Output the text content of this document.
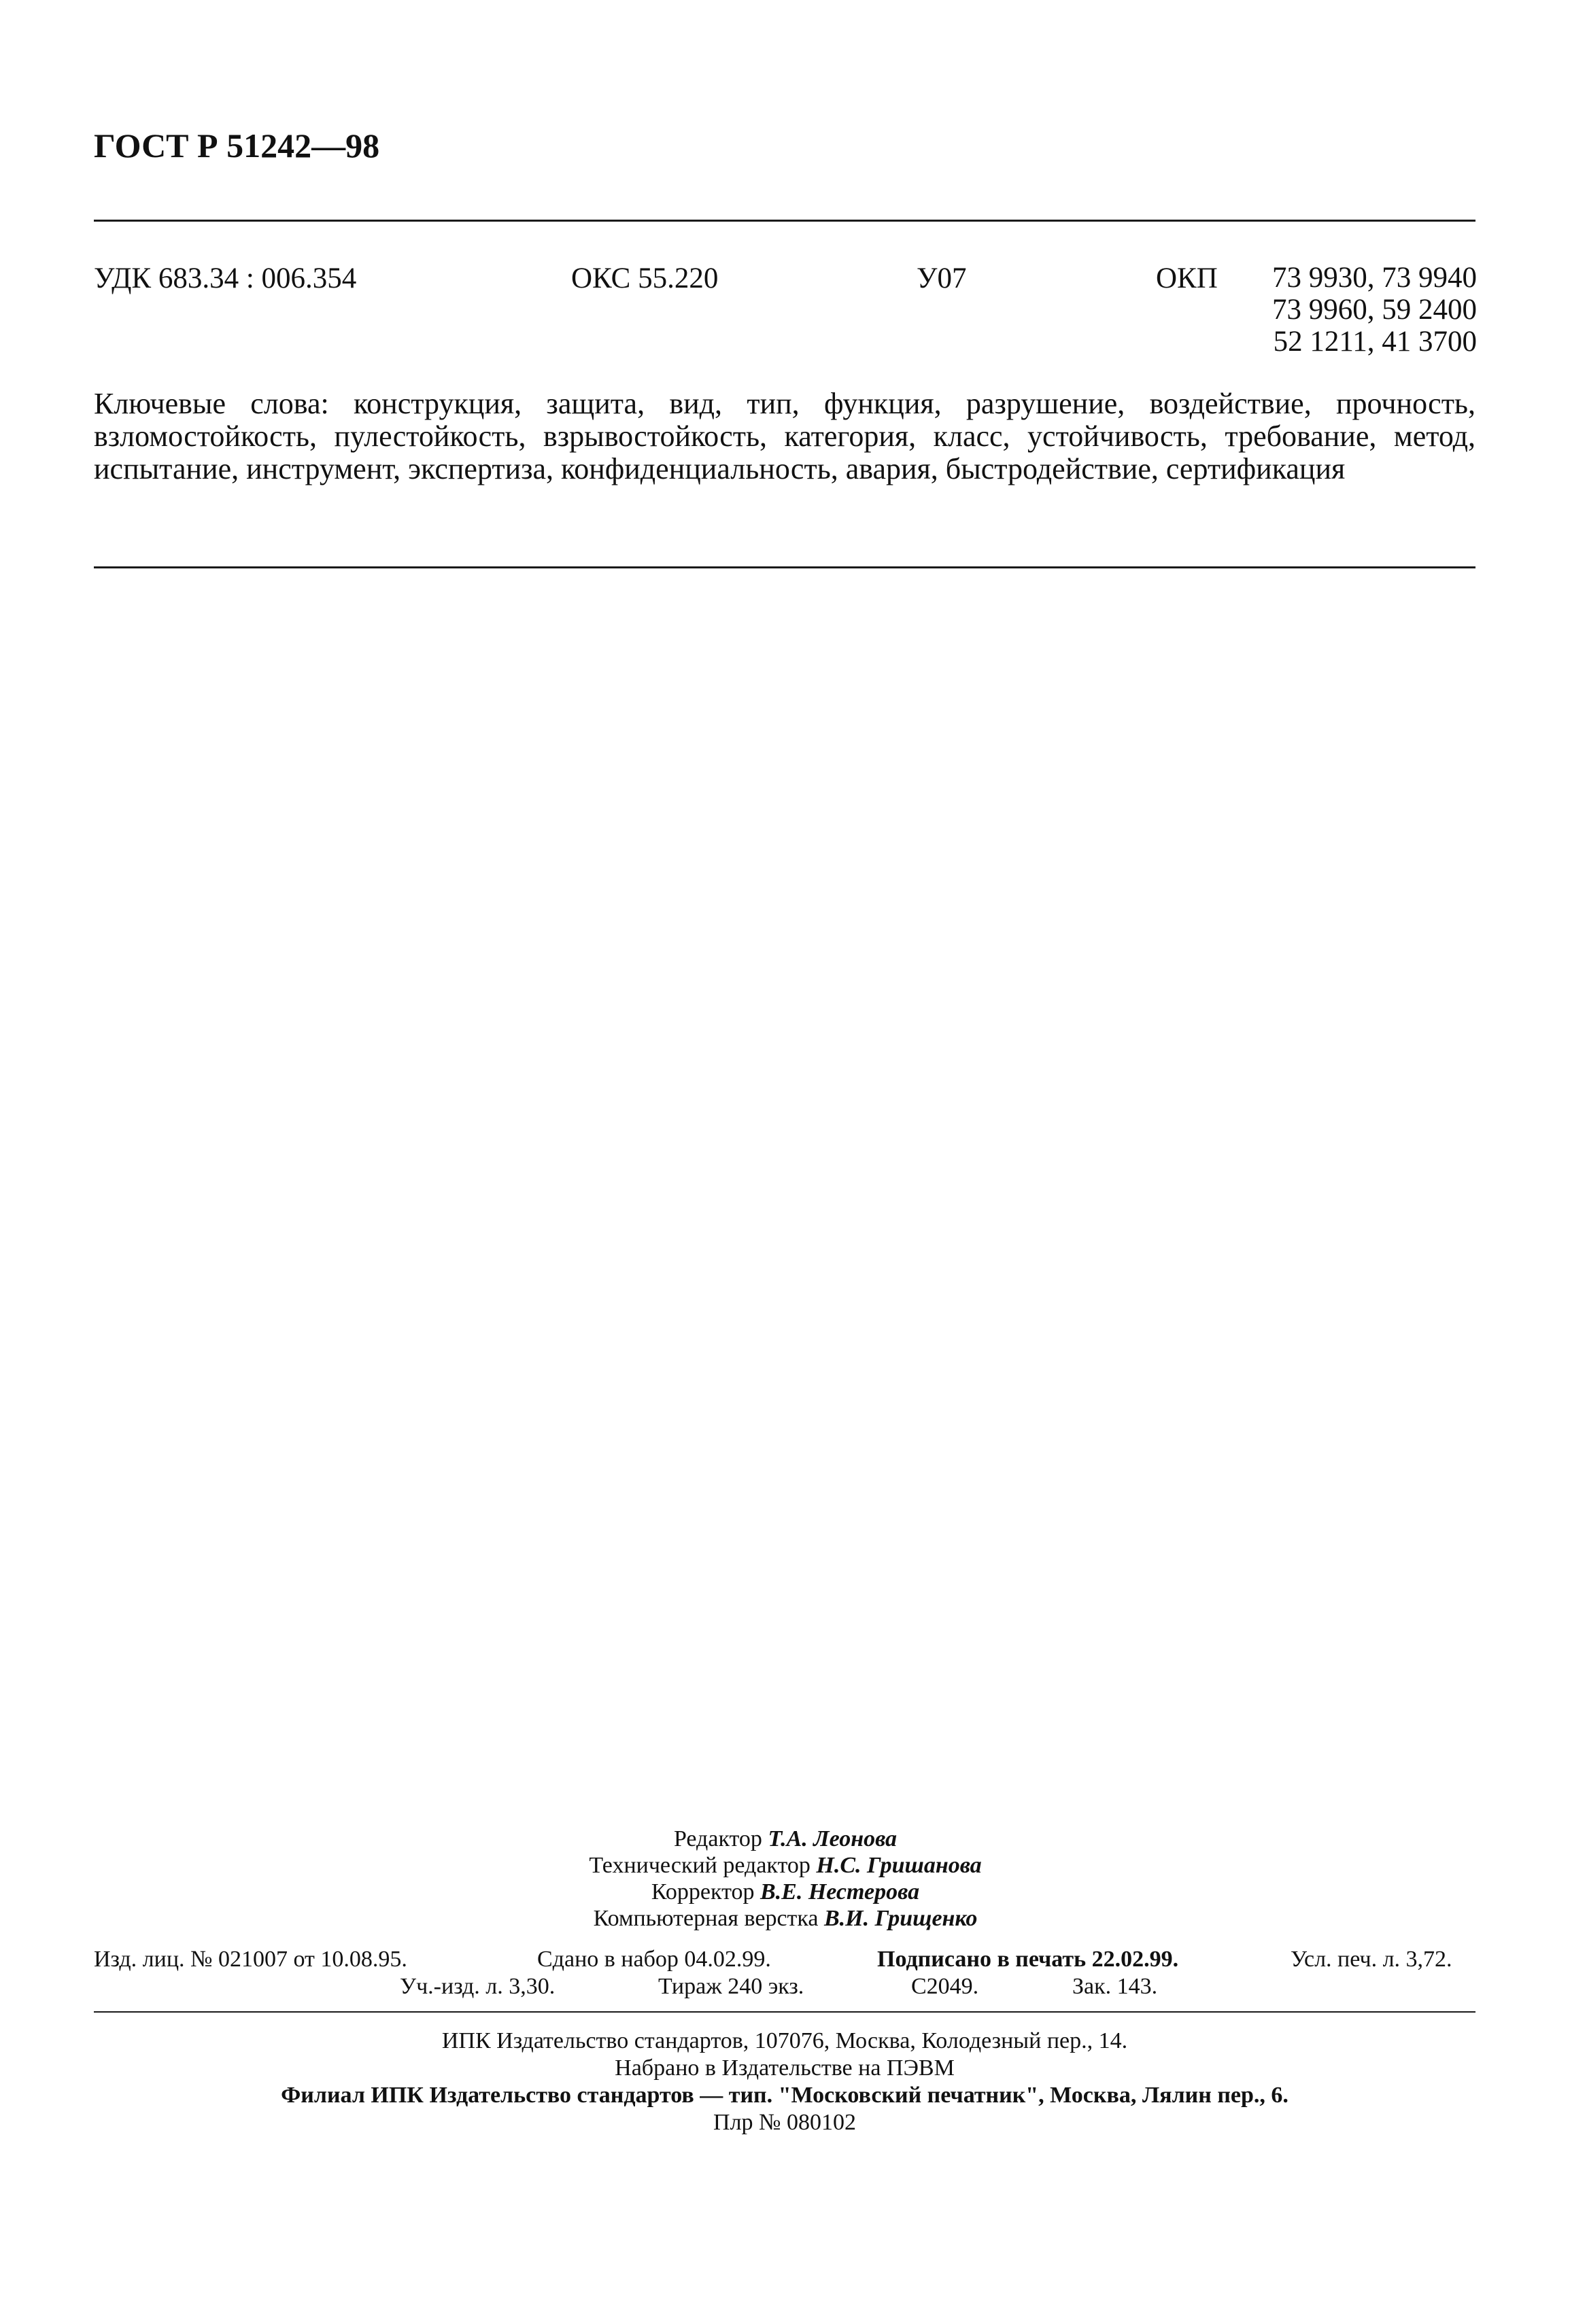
ГОСТ Р 51242—98
УДК 683.34 : 006.354	ОКС 55.220	У07	ОКП	73 9930, 73 9940
73 9960, 59 2400
52 1211, 41 3700
Ключевые слова: конструкция, защита, вид, тип, функция, разрушение, воздействие, прочность, взломостойкость, пулестойкость, взрывостойкость, категория, класс, устойчивость, требование, метод, испытание, инструмент, экспертиза, конфиденциальность, авария, быстродействие, сертификация
Редактор Т.А. Леонова
Технический редактор Н.С. Гришанова
Корректор В.Е. Нестерова
Компьютерная верстка В.И. Грищенко
Изд. лиц. № 021007 от 10.08.95.	Сдано в набор 04.02.99.	Подписано в печать 22.02.99.	Усл. печ. л. 3,72.
Уч.-изд. л. 3,30.	Тираж 240 экз.	С2049.	Зак. 143.
ИПК Издательство стандартов, 107076, Москва, Колодезный пер., 14.
Набрано в Издательстве на ПЭВМ
Филиал ИПК Издательство стандартов — тип. "Московский печатник", Москва, Лялин пер., 6.
Плр № 080102
